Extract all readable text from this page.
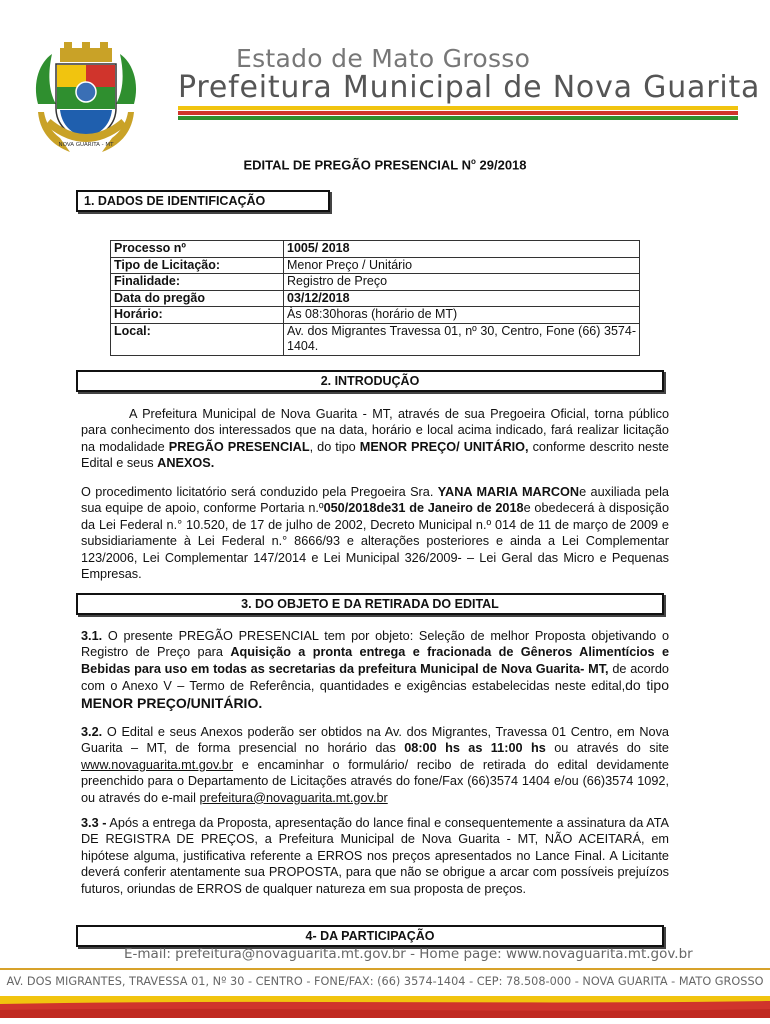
NOVA GUARITA - MT
Estado de Mato Grosso
Prefeitura Municipal de Nova Guarita
EDITAL DE PREGÃO PRESENCIAL $N^o$ 29/2018
1. DADOS DE IDENTIFICAÇÃO
Processo nº	1005/ 2018
Tipo de Licitação:	Menor Preço / Unitário
Finalidade:	Registro de Preço
Data do pregão	03/12/2018
Horário:	Às 08:30horas (horário de MT)
Local:	Av. dos Migrantes Travessa 01, nº 30, Centro, Fone (66) 3574-1404.
2. INTRODUÇÃO
A Prefeitura Municipal de Nova Guarita - MT, através de sua Pregoeira Oficial, torna público para conhecimento dos interessados que na data, horário e local acima indicado, fará realizar licitação na modalidade PREGÃO PRESENCIAL, do tipo MENOR PREÇO/ UNITÁRIO, conforme descrito neste Edital e seus ANEXOS.
O procedimento licitatório será conduzido pela Pregoeira Sra. YANA MARIA MARCONe auxiliada pela sua equipe de apoio, conforme Portaria n.º050/2018de31 de Janeiro de 2018e obedecerá à disposição da Lei Federal n.° 10.520, de 17 de julho de 2002, Decreto Municipal n.º 014 de 11 de março de 2009 e subsidiariamente à Lei Federal n.° 8666/93 e alterações posteriores e ainda a Lei Complementar 123/2006, Lei Complementar 147/2014 e Lei Municipal 326/2009- – Lei Geral das Micro e Pequenas Empresas.
3. DO OBJETO E DA RETIRADA DO EDITAL
3.1. O presente PREGÃO PRESENCIAL tem por objeto: Seleção de melhor Proposta objetivando o Registro de Preço para Aquisição a pronta entrega e fracionada de Gêneros Alimentícios e Bebidas para uso em todas as secretarias da prefeitura Municipal de Nova Guarita- MT, de acordo com o Anexo V – Termo de Referência, quantidades e exigências estabelecidas neste edital,do tipo MENOR PREÇO/UNITÁRIO.
3.2. O Edital e seus Anexos poderão ser obtidos na Av. dos Migrantes, Travessa 01 Centro, em Nova Guarita – MT, de forma presencial no horário das 08:00 hs as 11:00 hs ou através do site www.novaguarita.mt.gov.br e encaminhar o formulário/ recibo de retirada do edital devidamente preenchido para o Departamento de Licitações através do fone/Fax (66)3574 1404 e/ou (66)3574 1092, ou através do e-mail prefeitura@novaguarita.mt.gov.br
3.3 - Após a entrega da Proposta, apresentação do lance final e consequentemente a assinatura da ATA DE REGISTRA DE PREÇOS, a Prefeitura Municipal de Nova Guarita - MT, NÃO ACEITARÁ, em hipótese alguma, justificativa referente a ERROS nos preços apresentados no Lance Final. A Licitante deverá conferir atentamente sua PROPOSTA, para que não se obrigue a arcar com possíveis prejuízos futuros, oriundas de ERROS de qualquer natureza em sua proposta de preços.
4- DA PARTICIPAÇÃO
E-mail: prefeitura@novaguarita.mt.gov.br - Home page: www.novaguarita.mt.gov.br
AV. DOS MIGRANTES, TRAVESSA 01, Nº 30 - CENTRO - FONE/FAX: (66) 3574-1404 - CEP: 78.508-000 - NOVA GUARITA - MATO GROSSO
